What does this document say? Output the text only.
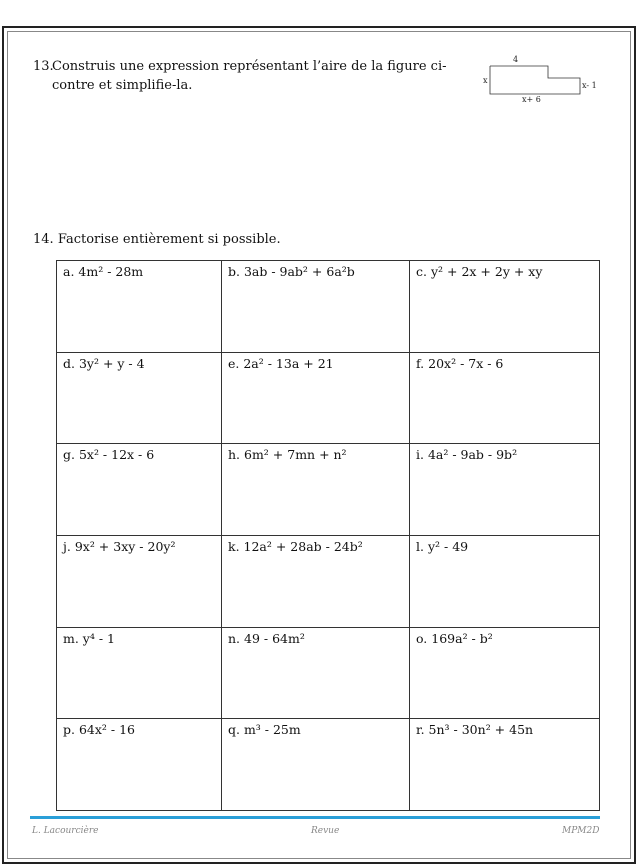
13.
Construis une expression représentant l’aire de la figure ci-contre et simplifie-la.
4
x
x- 1
x+ 6
14. Factorise entièrement si possible.
a. 4m² - 28m	b. 3ab - 9ab² + 6a²b	c. y² + 2x + 2y + xy
d. 3y² + y - 4	e. 2a² - 13a + 21	f. 20x² - 7x - 6
g. 5x² - 12x - 6	h. 6m² + 7mn + n²	i. 4a² - 9ab - 9b²
j. 9x² + 3xy - 20y²	k. 12a² + 28ab - 24b²	l. y² - 49
m. y⁴ - 1	n. 49 - 64m²	o. 169a² - b²
p. 64x² - 16	q. m³ - 25m	r. 5n³ - 30n² + 45n
L. Lacourcière	Revue	MPM2D
